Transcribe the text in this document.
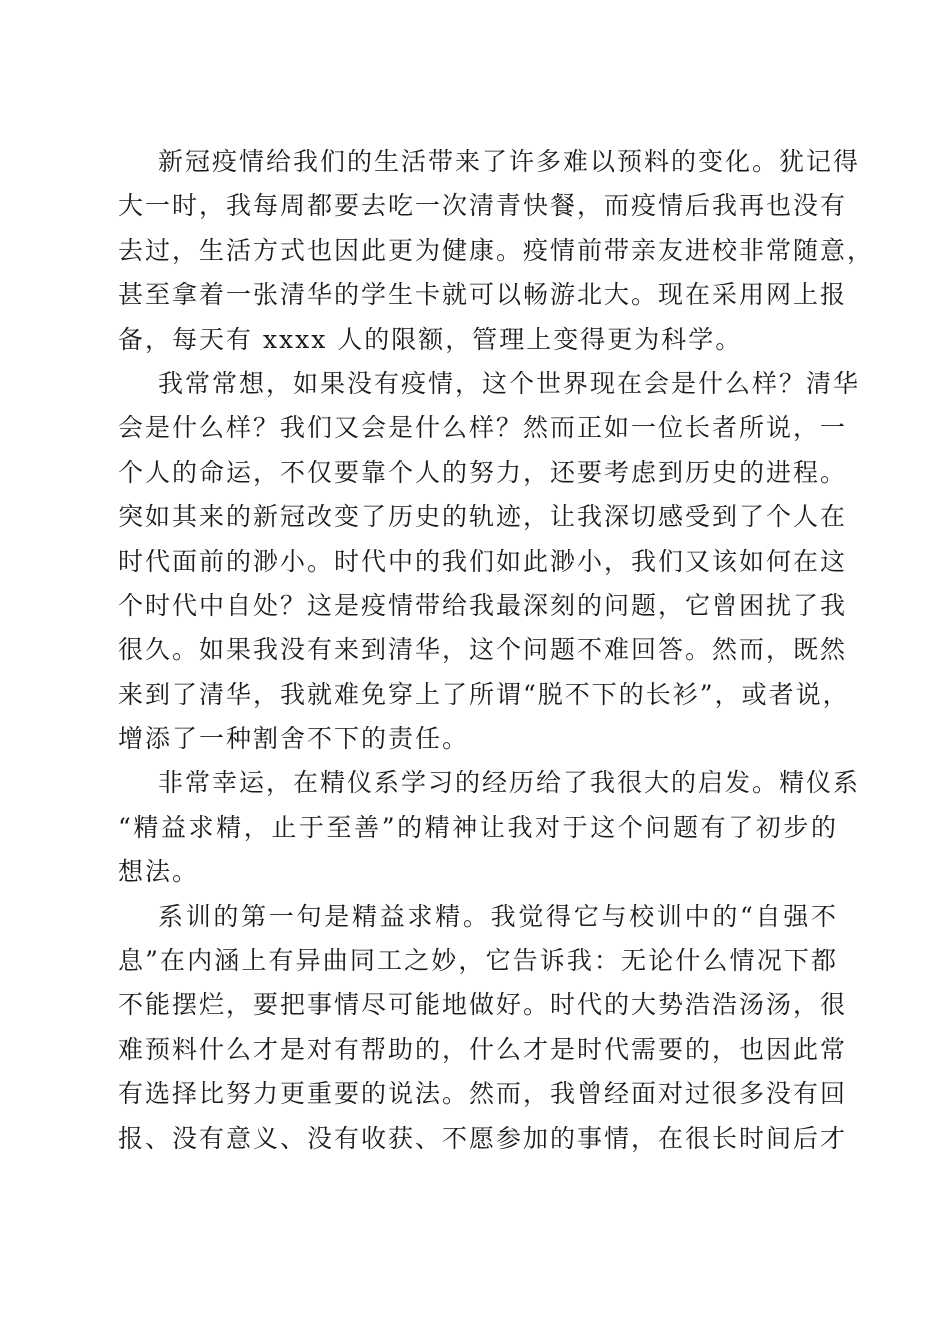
新冠疫情给我们的生活带来了许多难以预料的变化。犹记得
大一时，我每周都要去吃一次清青快餐，而疫情后我再也没有
去过，生活方式也因此更为健康。疫情前带亲友进校非常随意，
甚至拿着一张清华的学生卡就可以畅游北大。现在采用网上报
备，每天有 xxxx 人的限额，管理上变得更为科学。
我常常想，如果没有疫情，这个世界现在会是什么样？清华
会是什么样？我们又会是什么样？然而正如一位长者所说，一
个人的命运，不仅要靠个人的努力，还要考虑到历史的进程。
突如其来的新冠改变了历史的轨迹，让我深切感受到了个人在
时代面前的渺小。时代中的我们如此渺小，我们又该如何在这
个时代中自处？这是疫情带给我最深刻的问题，它曾困扰了我
很久。如果我没有来到清华，这个问题不难回答。然而，既然
来到了清华，我就难免穿上了所谓“脱不下的长衫”，或者说，
增添了一种割舍不下的责任。
非常幸运，在精仪系学习的经历给了我很大的启发。精仪系
“精益求精，止于至善”的精神让我对于这个问题有了初步的
想法。
系训的第一句是精益求精。我觉得它与校训中的“自强不
息”在内涵上有异曲同工之妙，它告诉我：无论什么情况下都
不能摆烂，要把事情尽可能地做好。时代的大势浩浩汤汤，很
难预料什么才是对有帮助的，什么才是时代需要的，也因此常
有选择比努力更重要的说法。然而，我曾经面对过很多没有回
报、没有意义、没有收获、不愿参加的事情，在很长时间后才
